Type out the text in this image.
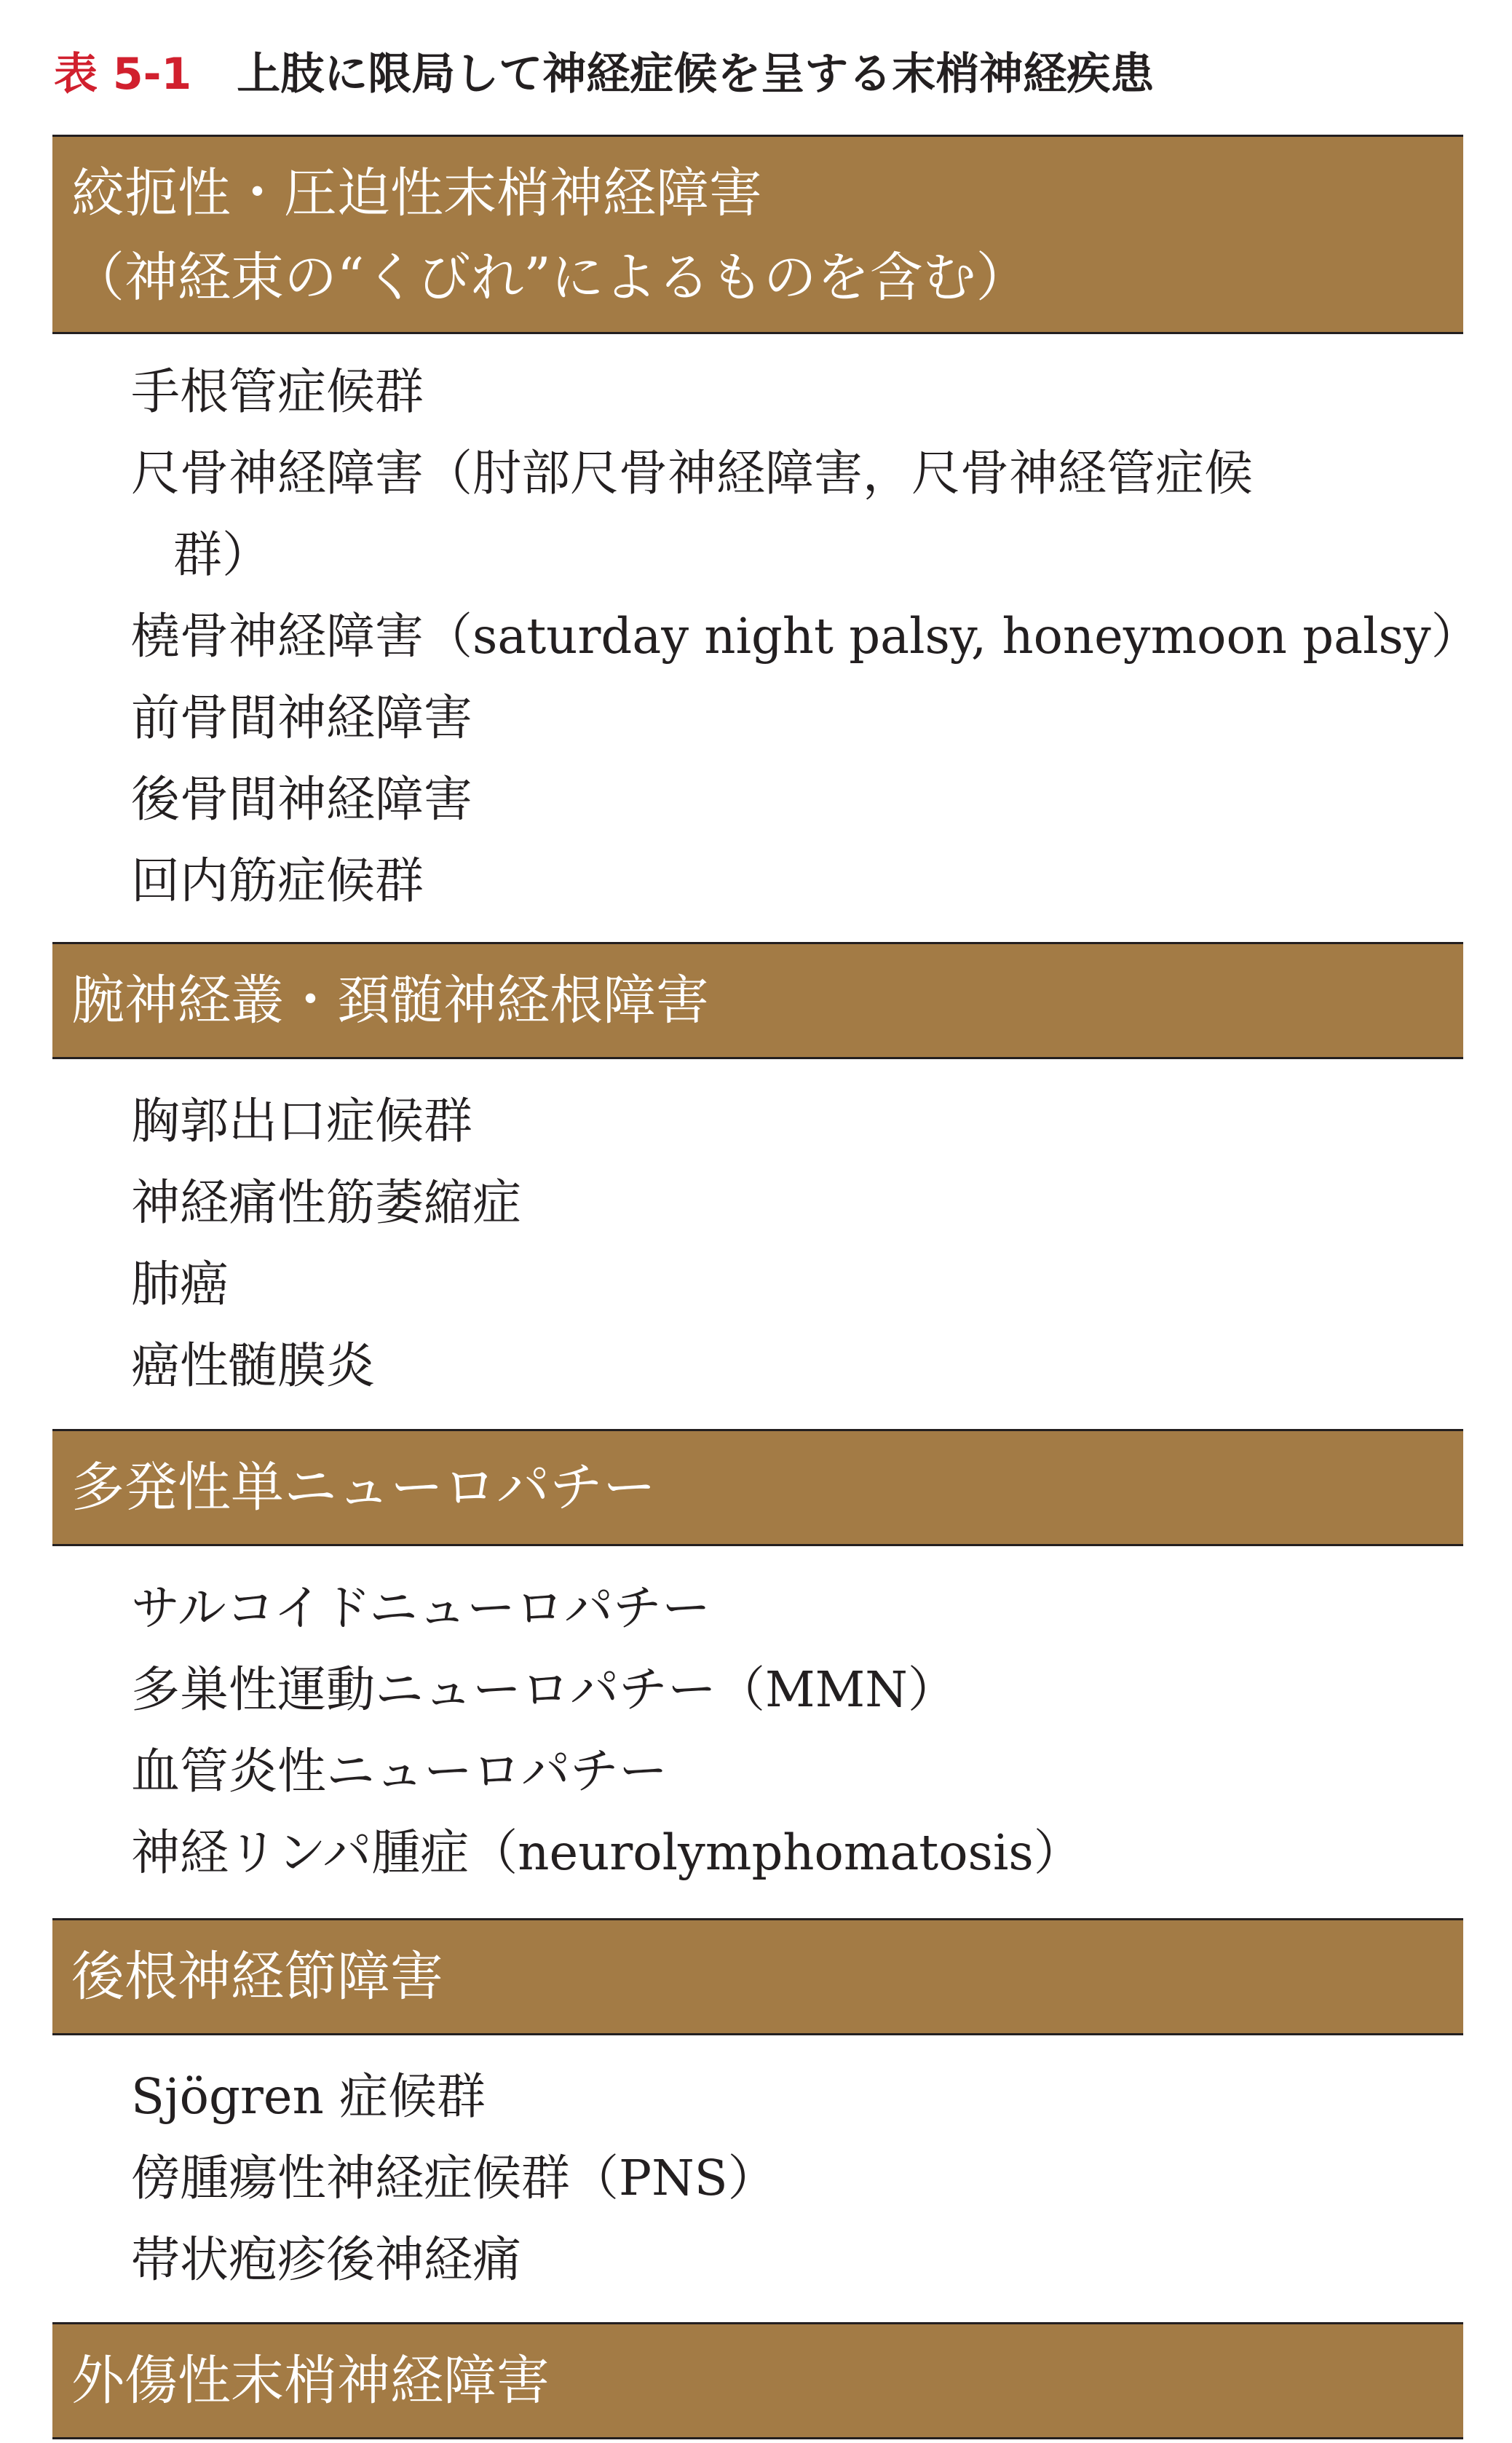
表 5-1 上肢に限局して神経症候を呈する末梢神経疾患
絞扼性・圧迫性末梢神経障害
（神経束の“くびれ”によるものを含む）
手根管症候群
尺骨神経障害（肘部尺骨神経障害，尺骨神経管症候
群）
橈骨神経障害（saturday night palsy, honeymoon palsy）
前骨間神経障害
後骨間神経障害
回内筋症候群
腕神経叢・頚髄神経根障害
胸郭出口症候群
神経痛性筋萎縮症
肺癌
癌性髄膜炎
多発性単ニューロパチー
サルコイドニューロパチー
多巣性運動ニューロパチー（MMN）
血管炎性ニューロパチー
神経リンパ腫症（neurolymphomatosis）
後根神経節障害
Sjögren 症候群
傍腫瘍性神経症候群（PNS）
帯状疱疹後神経痛
外傷性末梢神経障害
